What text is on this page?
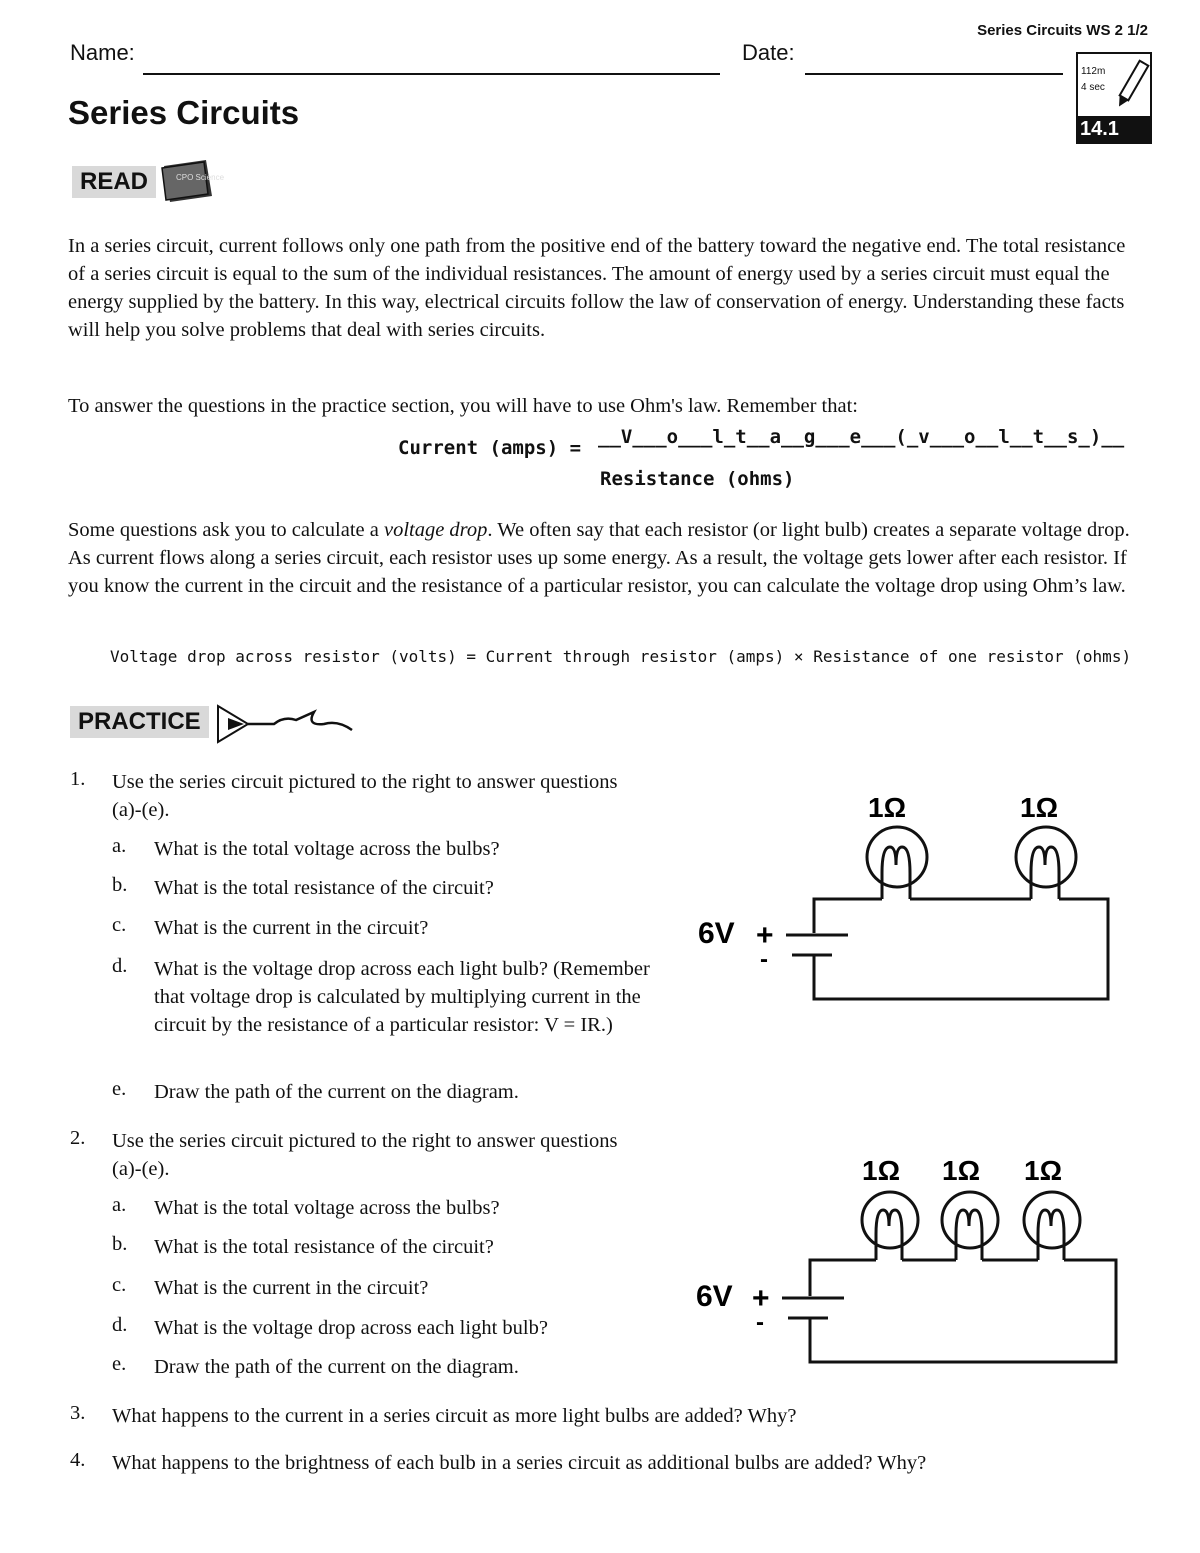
Series Circuits WS 2 1/2
Name:	Date:
Series Circuits
112m
4 sec
14.1
READ	CPO Science
In a series circuit, current follows only one path from the positive end of the battery toward the negative end. The total resistance of a series circuit is equal to the sum of the individual resistances. The amount of energy used by a series circuit must equal the energy supplied by the battery. In this way, electrical circuits follow the law of conservation of energy. Understanding these facts will help you solve problems that deal with series circuits.
To answer the questions in the practice section, you will have to use Ohm's law. Remember that:
Current (amps) = __V___o___l_t__a__g___e___(_v___o__l__t__s_)__
Resistance (ohms)
Some questions ask you to calculate a voltage drop. We often say that each resistor (or light bulb) creates a separate voltage drop. As current flows along a series circuit, each resistor uses up some energy. As a result, the voltage gets lower after each resistor. If you know the current in the circuit and the resistance of a particular resistor, you can calculate the voltage drop using Ohm’s law.
Voltage drop across resistor (volts) = Current through resistor (amps) × Resistance of one resistor (ohms)
PRACTICE
1. Use the series circuit pictured to the right to answer questions (a)-(e).
a. What is the total voltage across the bulbs?
b. What is the total resistance of the circuit?
c. What is the current in the circuit?
d. What is the voltage drop across each light bulb? (Remember that voltage drop is calculated by multiplying current in the circuit by the resistance of a particular resistor: V = IR.)
e. Draw the path of the current on the diagram.
1Ω	1Ω
6V +
-
2. Use the series circuit pictured to the right to answer questions (a)-(e).
a. What is the total voltage across the bulbs?
b. What is the total resistance of the circuit?
c. What is the current in the circuit?
d. What is the voltage drop across each light bulb?
e. Draw the path of the current on the diagram.
1Ω 1Ω 1Ω
6V +
-
3. What happens to the current in a series circuit as more light bulbs are added? Why?
4. What happens to the brightness of each bulb in a series circuit as additional bulbs are added? Why?
